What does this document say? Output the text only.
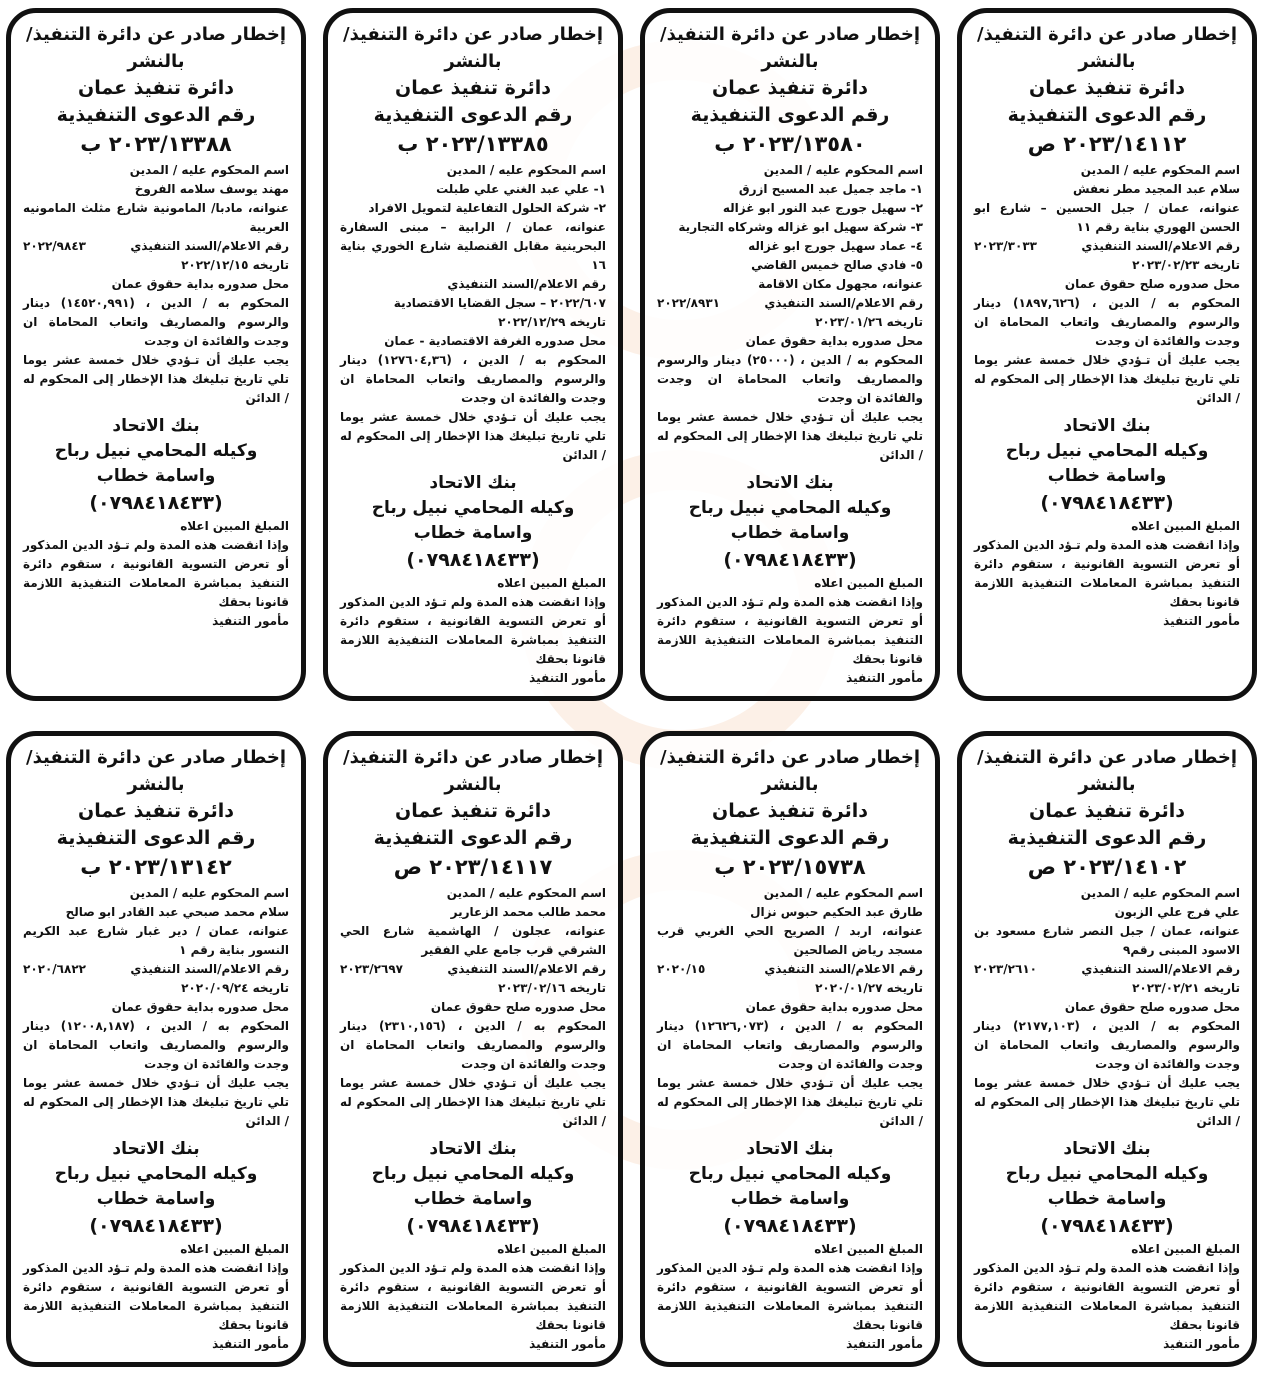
إخطار صادر عن دائرة التنفيذ/
بالنشر
دائرة تنفيذ عمان
رقم الدعوى التنفيذية
٢٠٢٣/١٤١١٢ ص
اسم المحكوم عليه / المدين
سلام عبد المجيد مطر نعفش
عنوانه، عمان / جبل الحسين – شارع ابو الحسن الهوري بناية رقم ١١
رقم الاعلام/السند التنفيذي
٢٠٢٣/٣٠٣٣
تاريخه ٢٠٢٣/٠٢/٢٣
محل صدوره صلح حقوق عمان
المحكوم به / الدين ، (١٨٩٧,٦٢٦) دينار والرسوم والمصاريف واتعاب المحاماة ان وجدت والفائدة ان وجدت
يجب عليك أن تـؤدي خلال خمسة عشر يوما تلي تاريخ تبليغك هذا الإخطار إلى المحكوم له / الدائن
بنك الاتحاد
وكيله المحامي نبيل رباح واسامة خطاب
(٠٧٩٨٤١٨٤٣٣)
المبلغ المبين اعلاه
وإذا انقضت هذه المدة ولم تـؤد الدين المذكور أو تعرض التسوية القانونية ، ستقوم دائرة التنفيذ بمباشرة المعاملات التنفيذية اللازمة قانونا بحقك
مأمور التنفيذ
إخطار صادر عن دائرة التنفيذ/
بالنشر
دائرة تنفيذ عمان
رقم الدعوى التنفيذية
٢٠٢٣/١٣٥٨٠ ب
اسم المحكوم عليه / المدين
١- ماجد جميل عبد المسيح ازرق
٢- سهيل جورج عبد النور ابو غزاله
٣- شركة سهيل ابو غزاله وشركاه التجارية
٤- عماد سهيل جورج ابو غزاله
٥- فادي صالح خميس القاضي
عنوانه، مجهول مكان الاقامة
رقم الاعلام/السند التنفيذي
٢٠٢٢/٨٩٣١
تاريخه ٢٠٢٣/٠١/٢٦
محل صدوره بداية حقوق عمان
المحكوم به / الدين ، (٢٥٠٠٠) دينار والرسوم والمصاريف واتعاب المحاماة ان وجدت والفائدة ان وجدت
يجب عليك أن تـؤدي خلال خمسة عشر يوما تلي تاريخ تبليغك هذا الإخطار إلى المحكوم له / الدائن
بنك الاتحاد
وكيله المحامي نبيل رباح واسامة خطاب
(٠٧٩٨٤١٨٤٣٣)
المبلغ المبين اعلاه
وإذا انقضت هذه المدة ولم تـؤد الدين المذكور أو تعرض التسوية القانونية ، ستقوم دائرة التنفيذ بمباشرة المعاملات التنفيذية اللازمة قانونا بحقك
مأمور التنفيذ
إخطار صادر عن دائرة التنفيذ/
بالنشر
دائرة تنفيذ عمان
رقم الدعوى التنفيذية
٢٠٢٣/١٣٣٨٥ ب
اسم المحكوم عليه / المدين
١- علي عبد الغني علي طبلت
٢- شركة الحلول التفاعلية لتمويل الافراد
عنوانه، عمان / الرابية – مبنى السفارة البحرينية مقابل القنصلية شارع الخوري بناية ١٦
رقم الاعلام/السند التنفيذي
٢٠٢٢/٦٠٧ – سجل القضايا الاقتصادية
تاريخه ٢٠٢٢/١٢/٢٩
محل صدوره الغرفة الاقتصادية - عمان
المحكوم به / الدين ، (١٢٧٦٠٤,٣٦) دينار والرسوم والمصاريف واتعاب المحاماة ان وجدت والفائدة ان وجدت
يجب عليك أن تـؤدي خلال خمسة عشر يوما تلي تاريخ تبليغك هذا الإخطار إلى المحكوم له / الدائن
بنك الاتحاد
وكيله المحامي نبيل رباح واسامة خطاب
(٠٧٩٨٤١٨٤٣٣)
المبلغ المبين اعلاه
وإذا انقضت هذه المدة ولم تـؤد الدين المذكور أو تعرض التسوية القانونية ، ستقوم دائرة التنفيذ بمباشرة المعاملات التنفيذية اللازمة قانونا بحقك
مأمور التنفيذ
إخطار صادر عن دائرة التنفيذ/
بالنشر
دائرة تنفيذ عمان
رقم الدعوى التنفيذية
٢٠٢٣/١٣٣٨٨ ب
اسم المحكوم عليه / المدين
مهند يوسف سلامه الفروخ
عنوانه، مادبا/ المامونية شارع مثلث المامونيه العربية
رقم الاعلام/السند التنفيذي
٢٠٢٢/٩٨٤٣
تاريخه ٢٠٢٢/١٢/١٥
محل صدوره بداية حقوق عمان
المحكوم به / الدين ، (١٤٥٢٠,٩٩١) دينار والرسوم والمصاريف واتعاب المحاماة ان وجدت والفائدة ان وجدت
يجب عليك أن تـؤدي خلال خمسة عشر يوما تلي تاريخ تبليغك هذا الإخطار إلى المحكوم له / الدائن
بنك الاتحاد
وكيله المحامي نبيل رباح واسامة خطاب
(٠٧٩٨٤١٨٤٣٣)
المبلغ المبين اعلاه
وإذا انقضت هذه المدة ولم تـؤد الدين المذكور أو تعرض التسوية القانونية ، ستقوم دائرة التنفيذ بمباشرة المعاملات التنفيذية اللازمة قانونا بحقك
مأمور التنفيذ
إخطار صادر عن دائرة التنفيذ/
بالنشر
دائرة تنفيذ عمان
رقم الدعوى التنفيذية
٢٠٢٣/١٤١٠٢ ص
اسم المحكوم عليه / المدين
علي فرج علي الزبون
عنوانه، عمان / جبل النصر شارع مسعود بن الاسود المبنى رقم٩
رقم الاعلام/السند التنفيذي
٢٠٢٣/٢٦١٠
تاريخه ٢٠٢٣/٠٢/٢١
محل صدوره صلح حقوق عمان
المحكوم به / الدين ، (٢١٧٧,١٠٣) دينار والرسوم والمصاريف واتعاب المحاماة ان وجدت والفائدة ان وجدت
يجب عليك أن تـؤدي خلال خمسة عشر يوما تلي تاريخ تبليغك هذا الإخطار إلى المحكوم له / الدائن
بنك الاتحاد
وكيله المحامي نبيل رباح واسامة خطاب
(٠٧٩٨٤١٨٤٣٣)
المبلغ المبين اعلاه
وإذا انقضت هذه المدة ولم تـؤد الدين المذكور أو تعرض التسوية القانونية ، ستقوم دائرة التنفيذ بمباشرة المعاملات التنفيذية اللازمة قانونا بحقك
مأمور التنفيذ
إخطار صادر عن دائرة التنفيذ/
بالنشر
دائرة تنفيذ عمان
رقم الدعوى التنفيذية
٢٠٢٣/١٥٧٣٨ ب
اسم المحكوم عليه / المدين
طارق عبد الحكيم حبوس نزال
عنوانه، اربد / الصريح الحي الغربي قرب مسجد رياض الصالحين
رقم الاعلام/السند التنفيذي
٢٠٢٠/١٥
تاريخه ٢٠٢٠/٠١/٢٧
محل صدوره بداية حقوق عمان
المحكوم به / الدين ، (١٢٦٢٦,٠٧٣) دينار والرسوم والمصاريف واتعاب المحاماة ان وجدت والفائدة ان وجدت
يجب عليك أن تـؤدي خلال خمسة عشر يوما تلي تاريخ تبليغك هذا الإخطار إلى المحكوم له / الدائن
بنك الاتحاد
وكيله المحامي نبيل رباح واسامة خطاب
(٠٧٩٨٤١٨٤٣٣)
المبلغ المبين اعلاه
وإذا انقضت هذه المدة ولم تـؤد الدين المذكور أو تعرض التسوية القانونية ، ستقوم دائرة التنفيذ بمباشرة المعاملات التنفيذية اللازمة قانونا بحقك
مأمور التنفيذ
إخطار صادر عن دائرة التنفيذ/
بالنشر
دائرة تنفيذ عمان
رقم الدعوى التنفيذية
٢٠٢٣/١٤١١٧ ص
اسم المحكوم عليه / المدين
محمد طالب محمد الزعارير
عنوانه، عجلون / الهاشمية شارع الحي الشرقي قرب جامع علي الفقير
رقم الاعلام/السند التنفيذي
٢٠٢٣/٢٦٩٧
تاريخه ٢٠٢٣/٠٢/١٦
محل صدوره صلح حقوق عمان
المحكوم به / الدين ، (٢٣١٠,١٥٦) دينار والرسوم والمصاريف واتعاب المحاماة ان وجدت والفائدة ان وجدت
يجب عليك أن تـؤدي خلال خمسة عشر يوما تلي تاريخ تبليغك هذا الإخطار إلى المحكوم له / الدائن
بنك الاتحاد
وكيله المحامي نبيل رباح واسامة خطاب
(٠٧٩٨٤١٨٤٣٣)
المبلغ المبين اعلاه
وإذا انقضت هذه المدة ولم تـؤد الدين المذكور أو تعرض التسوية القانونية ، ستقوم دائرة التنفيذ بمباشرة المعاملات التنفيذية اللازمة قانونا بحقك
مأمور التنفيذ
إخطار صادر عن دائرة التنفيذ/
بالنشر
دائرة تنفيذ عمان
رقم الدعوى التنفيذية
٢٠٢٣/١٣١٤٢ ب
اسم المحكوم عليه / المدين
سلام محمد صبحي عبد القادر ابو صالح
عنوانه، عمان / دير غبار شارع عبد الكريم النسور بناية رقم ١
رقم الاعلام/السند التنفيذي
٢٠٢٠/٦٨٢٢
تاريخه ٢٠٢٠/٠٩/٢٤
محل صدوره بداية حقوق عمان
المحكوم به / الدين ، (١٢٠٠٨,١٨٧) دينار والرسوم والمصاريف واتعاب المحاماة ان وجدت والفائدة ان وجدت
يجب عليك أن تـؤدي خلال خمسة عشر يوما تلي تاريخ تبليغك هذا الإخطار إلى المحكوم له / الدائن
بنك الاتحاد
وكيله المحامي نبيل رباح واسامة خطاب
(٠٧٩٨٤١٨٤٣٣)
المبلغ المبين اعلاه
وإذا انقضت هذه المدة ولم تـؤد الدين المذكور أو تعرض التسوية القانونية ، ستقوم دائرة التنفيذ بمباشرة المعاملات التنفيذية اللازمة قانونا بحقك
مأمور التنفيذ
